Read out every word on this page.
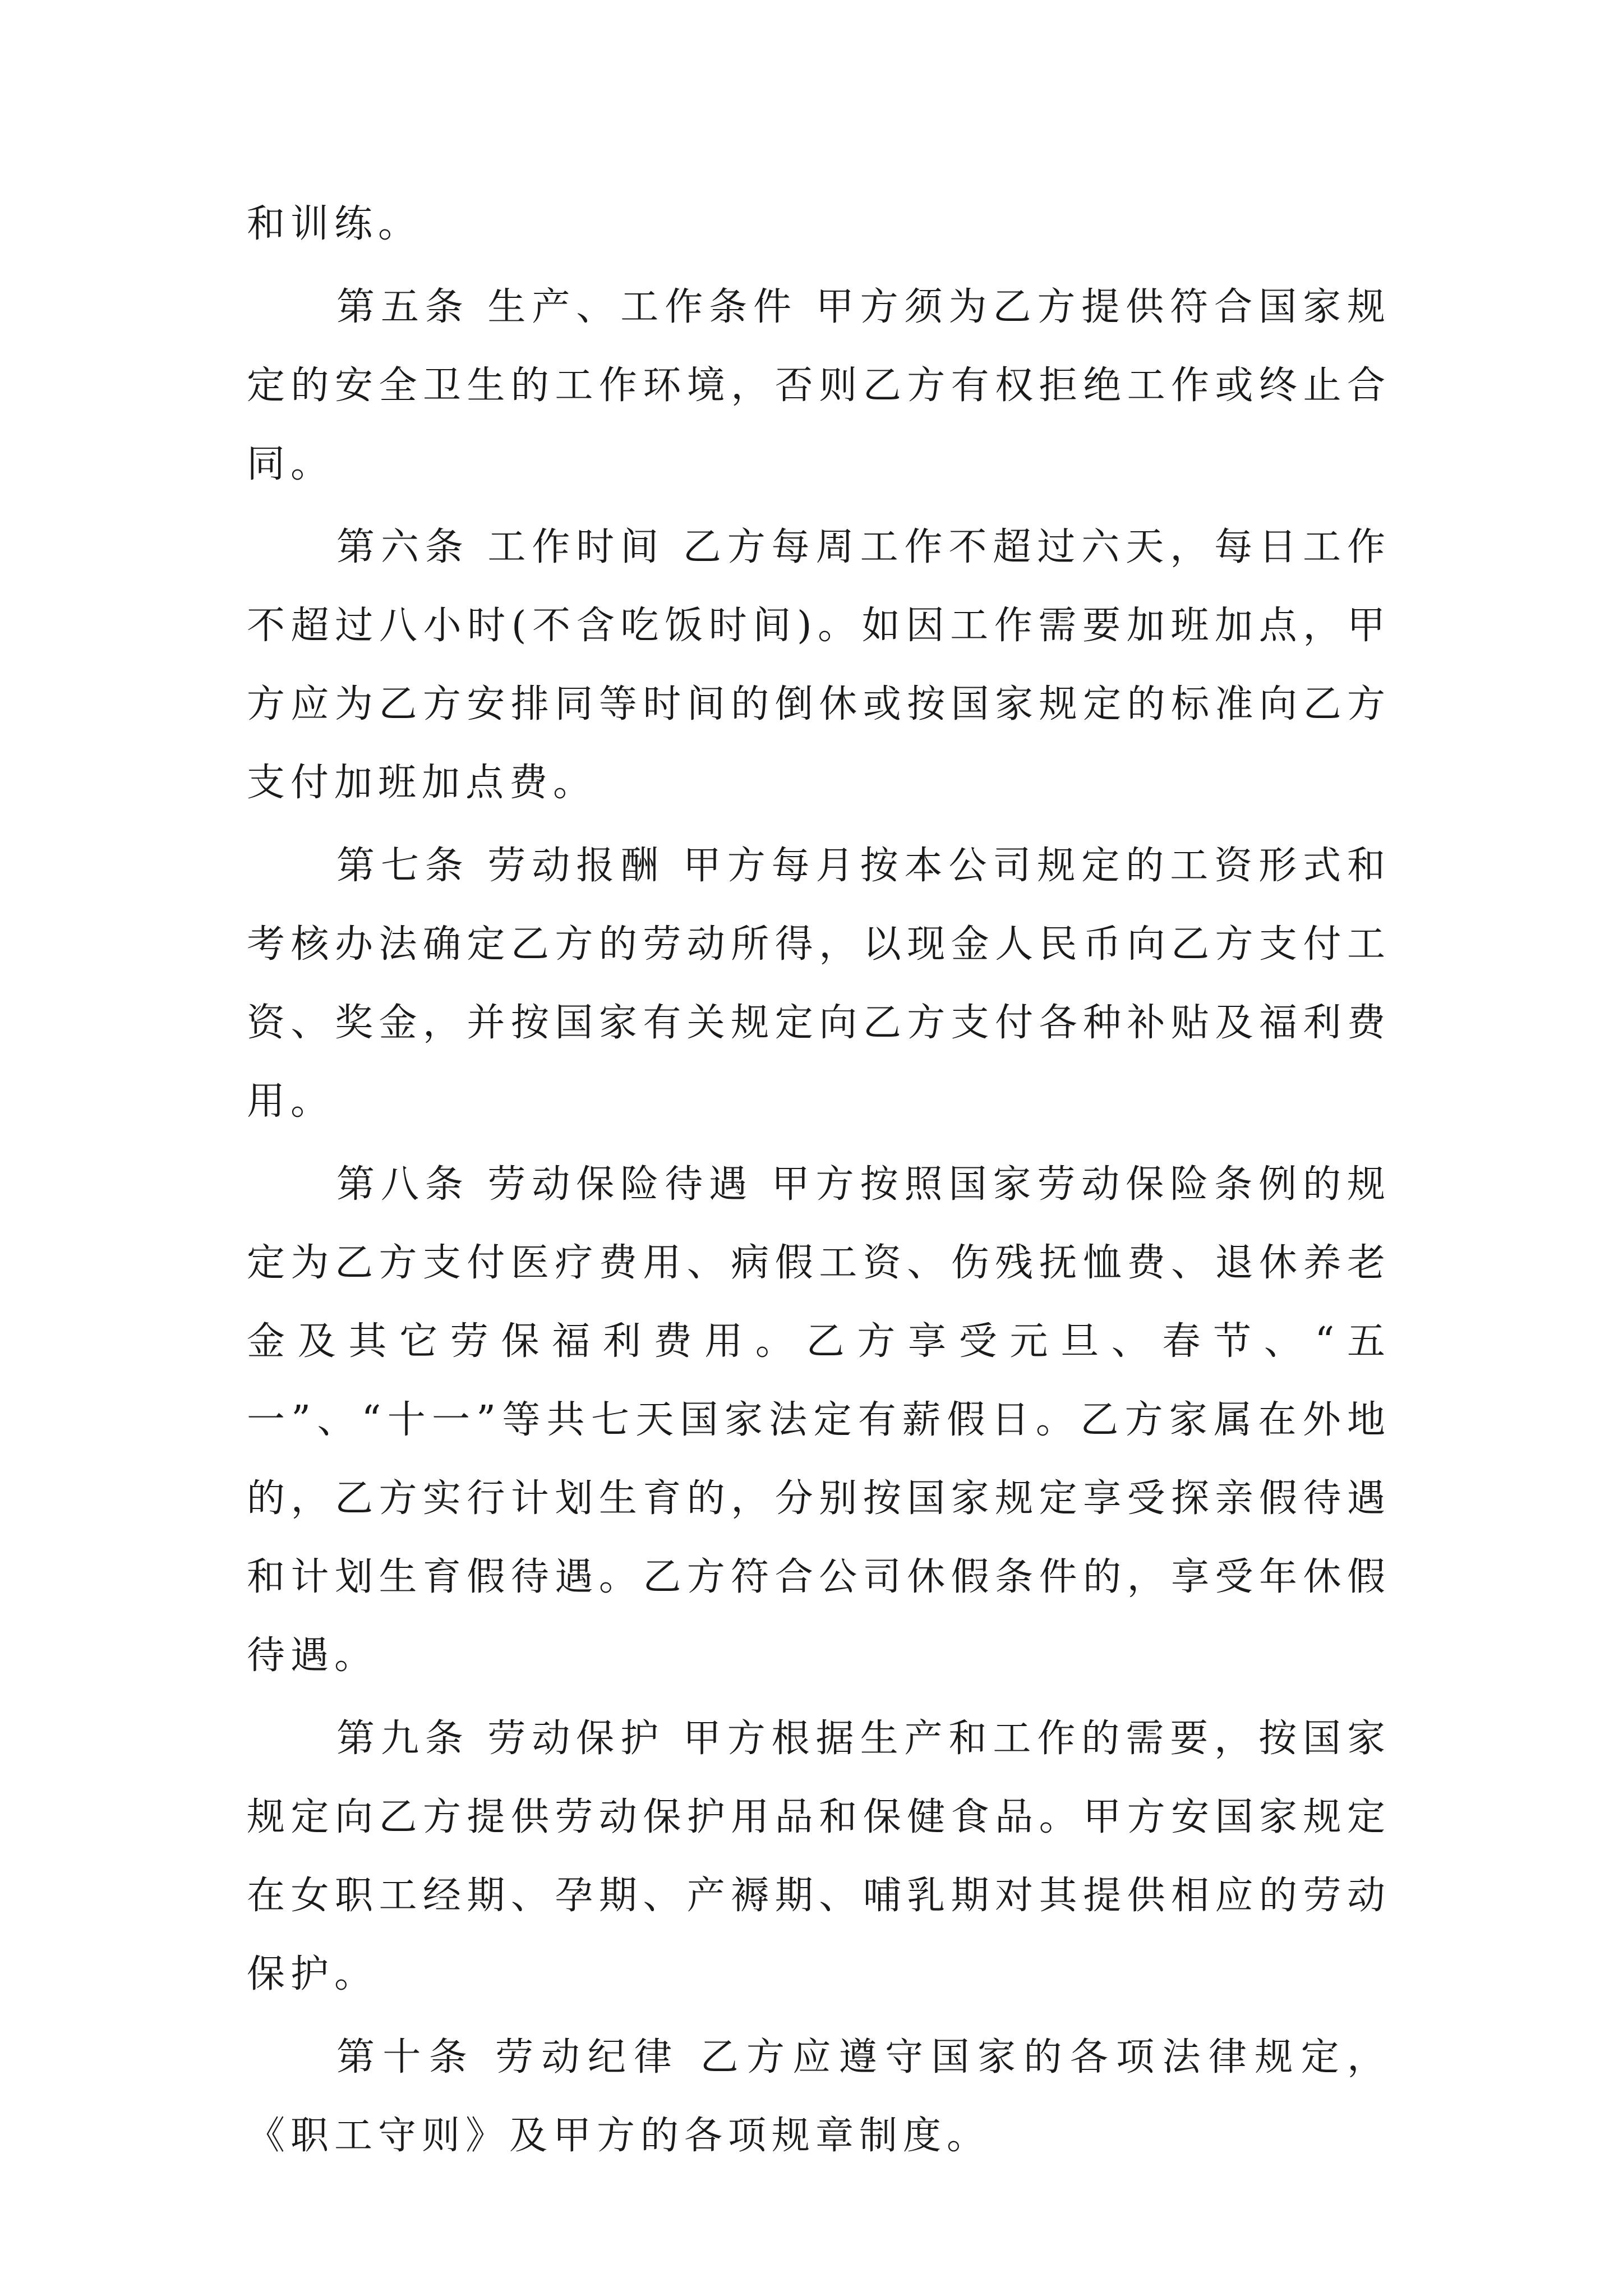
和训练。

第五条 生产、工作条件 甲方须为乙方提供符合国家规定的安全卫生的工作环境，否则乙方有权拒绝工作或终止合同。

第六条 工作时间 乙方每周工作不超过六天，每日工作不超过八小时(不含吃饭时间)。如因工作需要加班加点，甲方应为乙方安排同等时间的倒休或按国家规定的标准向乙方支付加班加点费。

第七条 劳动报酬 甲方每月按本公司规定的工资形式和考核办法确定乙方的劳动所得，以现金人民币向乙方支付工资、奖金，并按国家有关规定向乙方支付各种补贴及福利费用。

第八条 劳动保险待遇 甲方按照国家劳动保险条例的规定为乙方支付医疗费用、病假工资、伤残抚恤费、退休养老金及其它劳保福利费用。乙方享受元旦、春节、“五一”、“十一”等共七天国家法定有薪假日。乙方家属在外地的，乙方实行计划生育的，分别按国家规定享受探亲假待遇和计划生育假待遇。乙方符合公司休假条件的，享受年休假待遇。

第九条 劳动保护 甲方根据生产和工作的需要，按国家规定向乙方提供劳动保护用品和保健食品。甲方安国家规定在女职工经期、孕期、产褥期、哺乳期对其提供相应的劳动保护。

第十条 劳动纪律 乙方应遵守国家的各项法律规定，《职工守则》及甲方的各项规章制度。
